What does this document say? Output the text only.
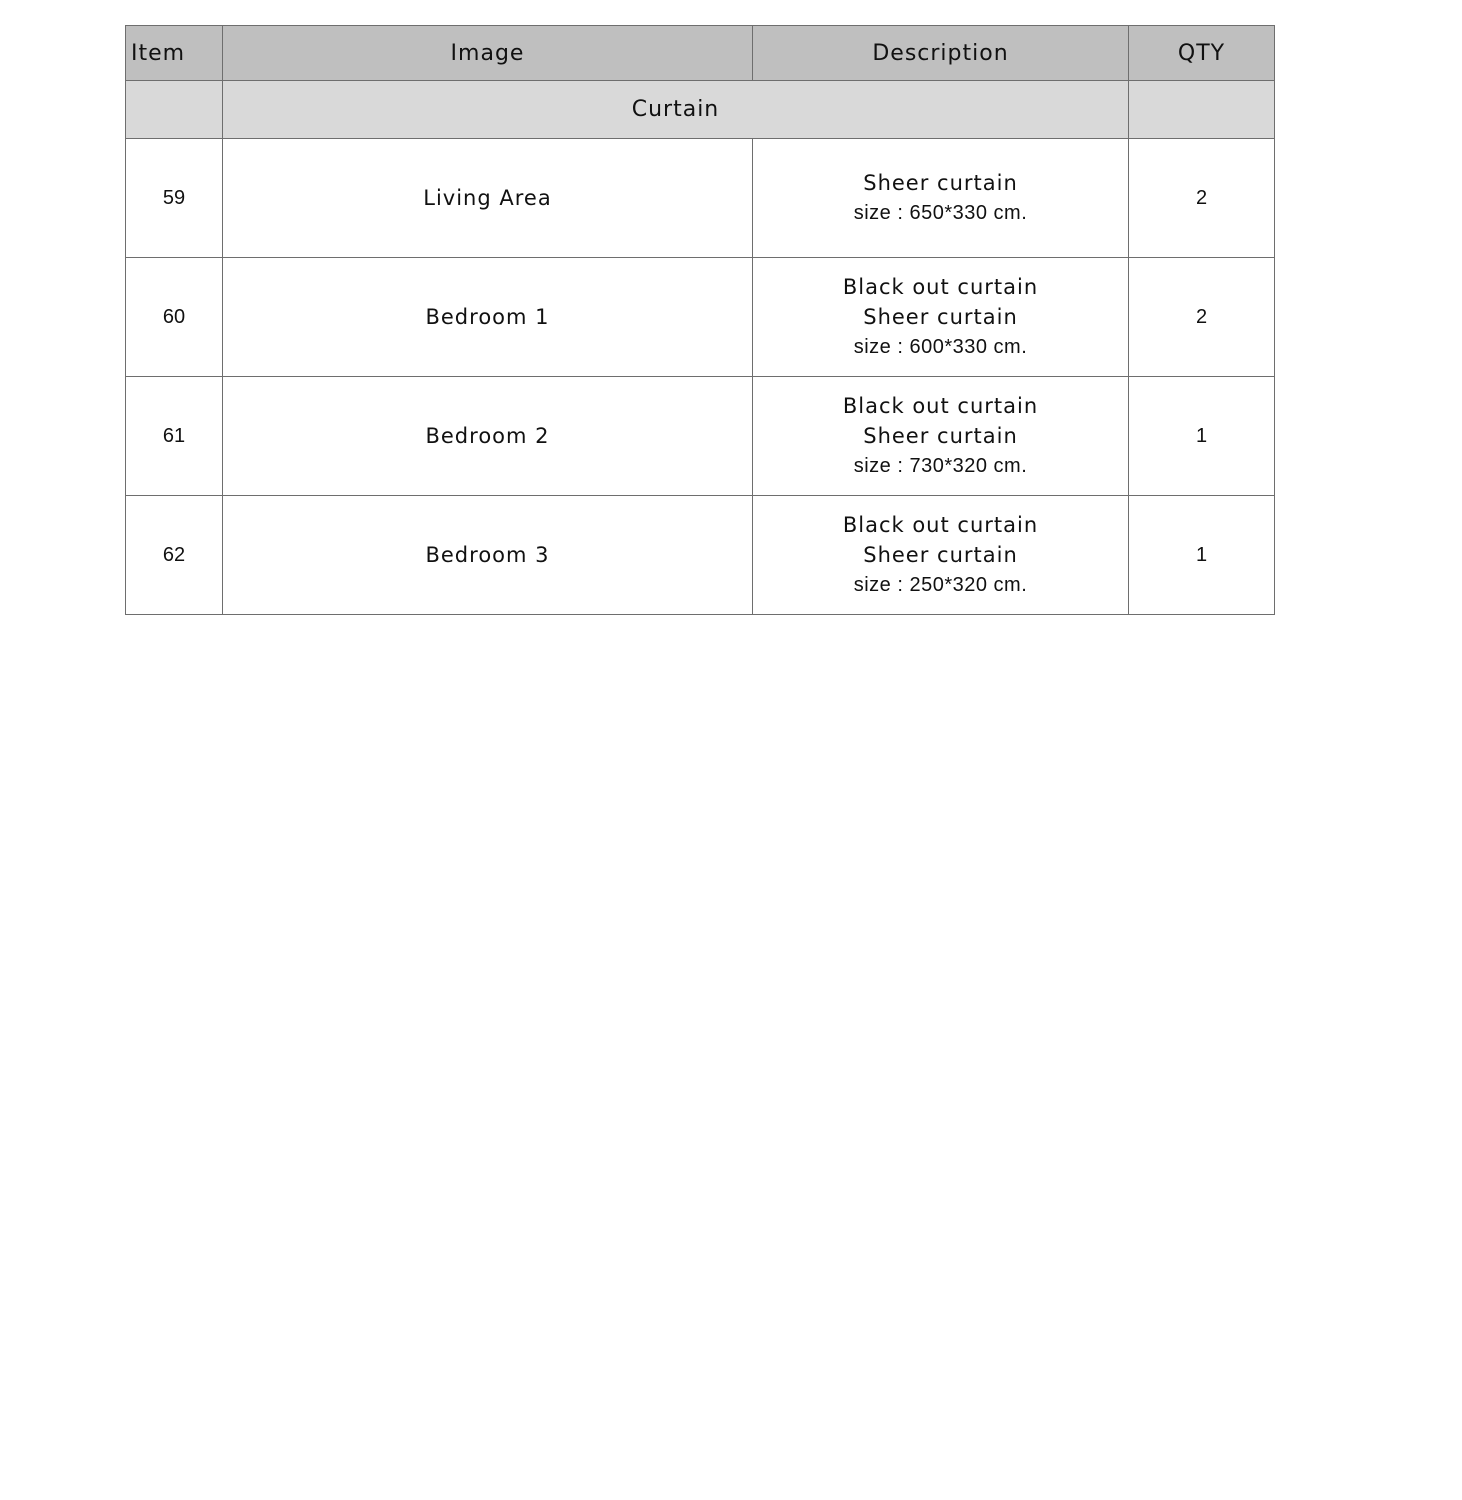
Item	Image	Description	QTY
	Curtain		
59	Living Area	Sheer curtain
size : 650*330 cm.	2
60	Bedroom 1	Black out curtain
Sheer curtain
size : 600*330 cm.	2
61	Bedroom 2	Black out curtain
Sheer curtain
size : 730*320 cm.	1
62	Bedroom 3	Black out curtain
Sheer curtain
size : 250*320 cm.	1
